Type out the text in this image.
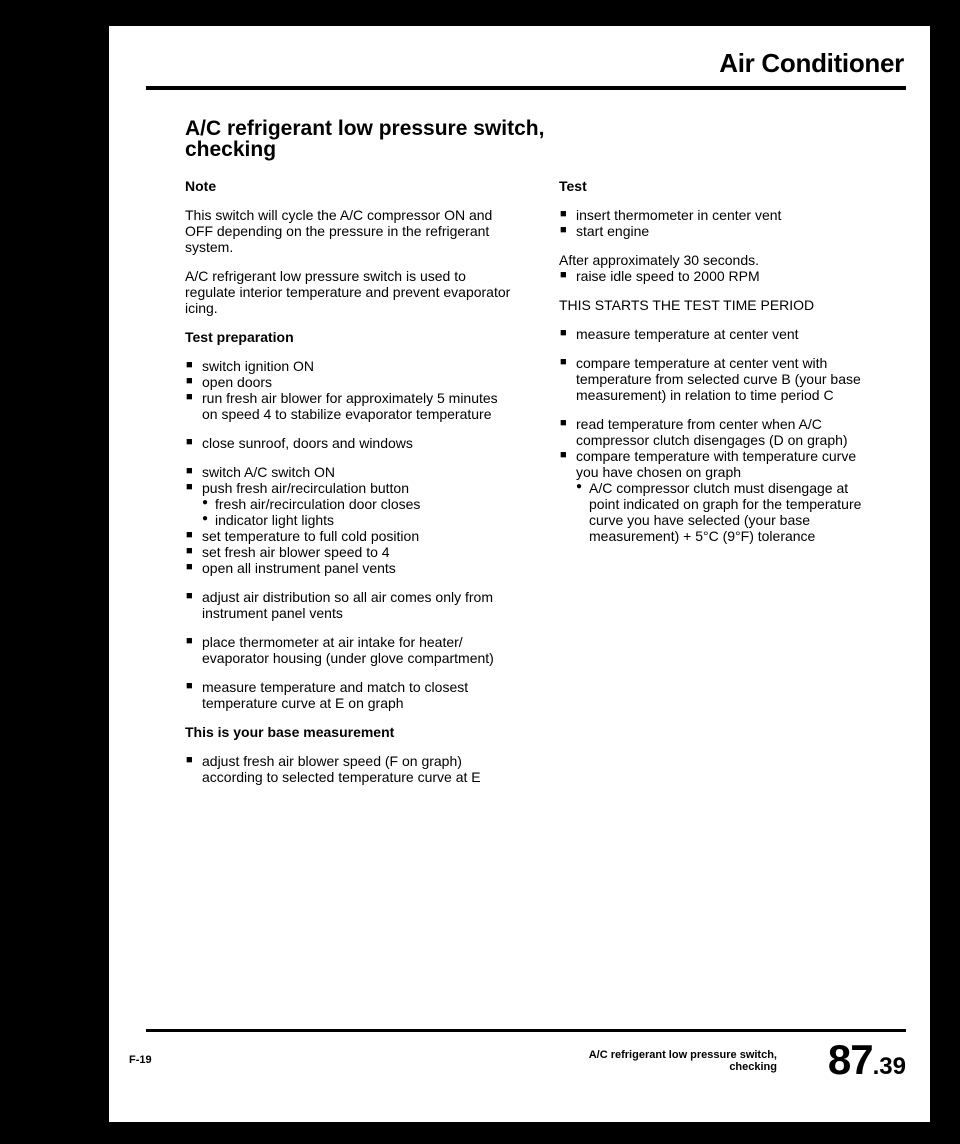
Air Conditioner
A/C refrigerant low pressure switch, checking
Note

This switch will cycle the A/C compressor ON and OFF depending on the pressure in the refrigerant system.

A/C refrigerant low pressure switch is used to regulate interior temperature and prevent evaporator icing.

Test preparation
■ switch ignition ON
■ open doors
■ run fresh air blower for approximately 5 minutes on speed 4 to stabilize evaporator temperature
■ close sunroof, doors and windows
■ switch A/C switch ON
■ push fresh air/recirculation button
● fresh air/recirculation door closes
● indicator light lights
■ set temperature to full cold position
■ set fresh air blower speed to 4
■ open all instrument panel vents
■ adjust air distribution so all air comes only from instrument panel vents
■ place thermometer at air intake for heater/ evaporator housing (under glove compartment)
■ measure temperature and match to closest temperature curve at E on graph
This is your base measurement
■ adjust fresh air blower speed (F on graph) according to selected temperature curve at E
Test
■ insert thermometer in center vent
■ start engine
After approximately 30 seconds.
■ raise idle speed to 2000 RPM

THIS STARTS THE TEST TIME PERIOD

■ measure temperature at center vent
■ compare temperature at center vent with temperature from selected curve B (your base measurement) in relation to time period C
■ read temperature from center when A/C compressor clutch disengages (D on graph)
■ compare temperature with temperature curve you have chosen on graph
● A/C compressor clutch must disengage at point indicated on graph for the temperature curve you have selected (your base measurement) + 5°C (9°F) tolerance
F-19	A/C refrigerant low pressure switch,
checking 87.39
